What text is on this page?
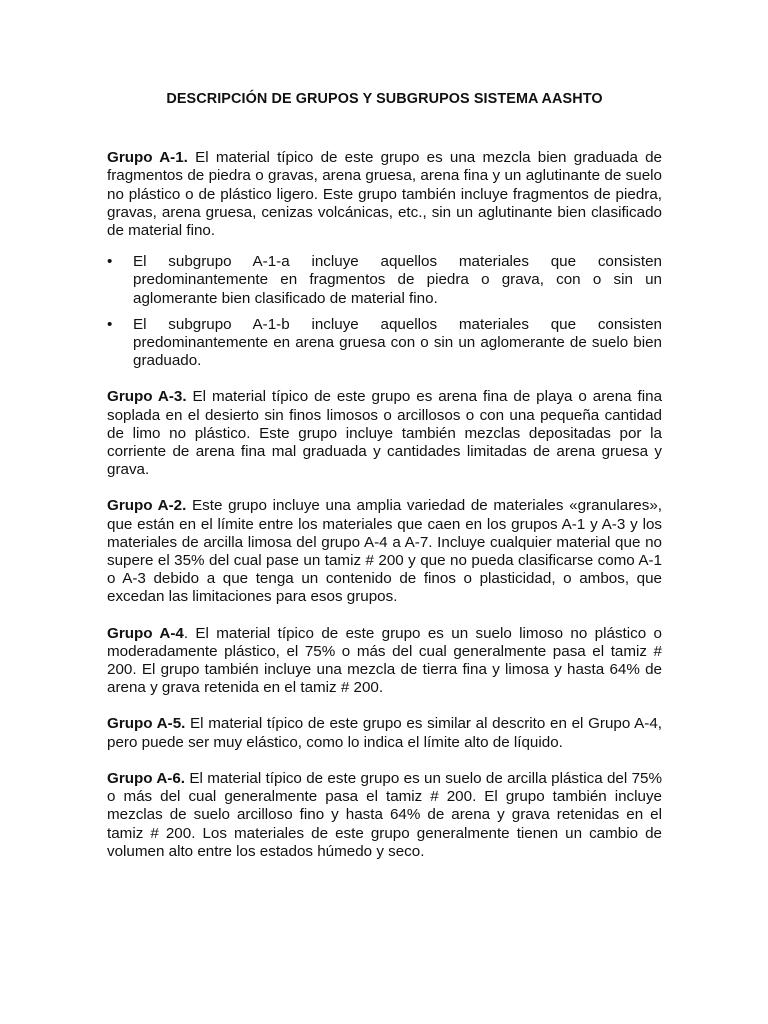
DESCRIPCIÓN DE GRUPOS Y SUBGRUPOS SISTEMA AASHTO

Grupo A-1. El material típico de este grupo es una mezcla bien graduada de fragmentos de piedra o gravas, arena gruesa, arena fina y un aglutinante de suelo no plástico o de plástico ligero. Este grupo también incluye fragmentos de piedra, gravas, arena gruesa, cenizas volcánicas, etc., sin un aglutinante bien clasificado de material fino.

• El subgrupo A-1-a incluye aquellos materiales que consisten predominantemente en fragmentos de piedra o grava, con o sin un aglomerante bien clasificado de material fino.
• El subgrupo A-1-b incluye aquellos materiales que consisten predominantemente en arena gruesa con o sin un aglomerante de suelo bien graduado.

Grupo A-3. El material típico de este grupo es arena fina de playa o arena fina soplada en el desierto sin finos limosos o arcillosos o con una pequeña cantidad de limo no plástico. Este grupo incluye también mezclas depositadas por la corriente de arena fina mal graduada y cantidades limitadas de arena gruesa y grava.

Grupo A-2. Este grupo incluye una amplia variedad de materiales «granulares», que están en el límite entre los materiales que caen en los grupos A-1 y A-3 y los materiales de arcilla limosa del grupo A-4 a A-7. Incluye cualquier material que no supere el 35% del cual pase un tamiz # 200 y que no pueda clasificarse como A-1 o A-3 debido a que tenga un contenido de finos o plasticidad, o ambos, que excedan las limitaciones para esos grupos.

Grupo A-4. El material típico de este grupo es un suelo limoso no plástico o moderadamente plástico, el 75% o más del cual generalmente pasa el tamiz # 200. El grupo también incluye una mezcla de tierra fina y limosa y hasta 64% de arena y grava retenida en el tamiz # 200.

Grupo A-5. El material típico de este grupo es similar al descrito en el Grupo A-4, pero puede ser muy elástico, como lo indica el límite alto de líquido.

Grupo A-6. El material típico de este grupo es un suelo de arcilla plástica del 75% o más del cual generalmente pasa el tamiz # 200. El grupo también incluye mezclas de suelo arcilloso fino y hasta 64% de arena y grava retenidas en el tamiz # 200. Los materiales de este grupo generalmente tienen un cambio de volumen alto entre los estados húmedo y seco.
